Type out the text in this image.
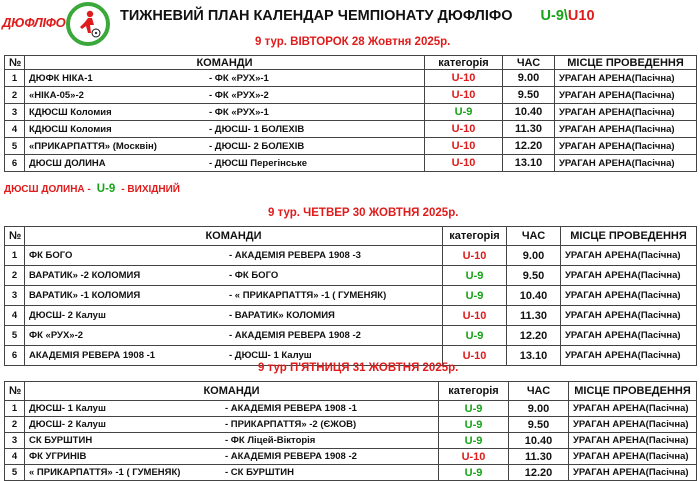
ДЮФЛІФО	ТИЖНЕВИЙ ПЛАН КАЛЕНДАР ЧЕМПІОНАТУ ДЮФЛІФО U-9\U10
9 тур. ВІВТОРОК 28 Жовтня 2025р.
№	КОМАНДИ	категорія	ЧАС	МІСЦЕ ПРОВЕДЕННЯ
1	ДЮФК НІКА-1 - ФК «РУХ»-1	U-10	9.00	УРАГАН АРЕНА(Пасічна)
2	«НІКА-05»-2 - ФК «РУХ»-2	U-10	9.50	УРАГАН АРЕНА(Пасічна)
3	КДЮСШ Коломия - ФК «РУХ»-1	U-9	10.40	УРАГАН АРЕНА(Пасічна)
4	КДЮСШ Коломия - ДЮСШ- 1 БОЛЕХІВ	U-10	11.30	УРАГАН АРЕНА(Пасічна)
5	«ПРИКАРПАТТЯ» (Москвін) - ДЮСШ- 2 БОЛЕХІВ	U-10	12.20	УРАГАН АРЕНА(Пасічна)
6	ДЮСШ ДОЛИНА - ДЮСШ Перегінське	U-10	13.10	УРАГАН АРЕНА(Пасічна)
ДЮСШ ДОЛИНА - U-9 - ВИХІДНИЙ
9 тур. ЧЕТВЕР 30 ЖОВТНЯ 2025р.
№	КОМАНДИ	категорія	ЧАС	МІСЦЕ ПРОВЕДЕННЯ
1	ФК БОГО - АКАДЕМІЯ РЕВЕРА 1908 -3	U-10	9.00	УРАГАН АРЕНА(Пасічна)
2	ВАРАТИК» -2 КОЛОМИЯ - ФК БОГО	U-9	9.50	УРАГАН АРЕНА(Пасічна)
3	ВАРАТИК» -1 КОЛОМИЯ - « ПРИКАРПАТТЯ» -1 ( ГУМЕНЯК)	U-9	10.40	УРАГАН АРЕНА(Пасічна)
4	ДЮСШ- 2 Калуш - ВАРАТИК» КОЛОМИЯ	U-10	11.30	УРАГАН АРЕНА(Пасічна)
5	ФК «РУХ»-2 - АКАДЕМІЯ РЕВЕРА 1908 -2	U-9	12.20	УРАГАН АРЕНА(Пасічна)
6	АКАДЕМІЯ РЕВЕРА 1908 -1 - ДЮСШ- 1 Калуш	U-10	13.10	УРАГАН АРЕНА(Пасічна)
9 тур П'ЯТНИЦЯ 31 ЖОВТНЯ 2025р.
№	КОМАНДИ	категорія	ЧАС	МІСЦЕ ПРОВЕДЕННЯ
1	ДЮСШ- 1 Калуш - АКАДЕМІЯ РЕВЕРА 1908 -1	U-9	9.00	УРАГАН АРЕНА(Пасічна)
2	ДЮСШ- 2 Калуш - ПРИКАРПАТТЯ» -2 (ЄЖОВ)	U-9	9.50	УРАГАН АРЕНА(Пасічна)
3	СК БУРШТИН - ФК Ліцей-Вікторія	U-9	10.40	УРАГАН АРЕНА(Пасічна)
4	ФК УГРИНІВ - АКАДЕМІЯ РЕВЕРА 1908 -2	U-10	11.30	УРАГАН АРЕНА(Пасічна)
5	« ПРИКАРПАТТЯ» -1 ( ГУМЕНЯК) - СК БУРШТИН	U-9	12.20	УРАГАН АРЕНА(Пасічна)
